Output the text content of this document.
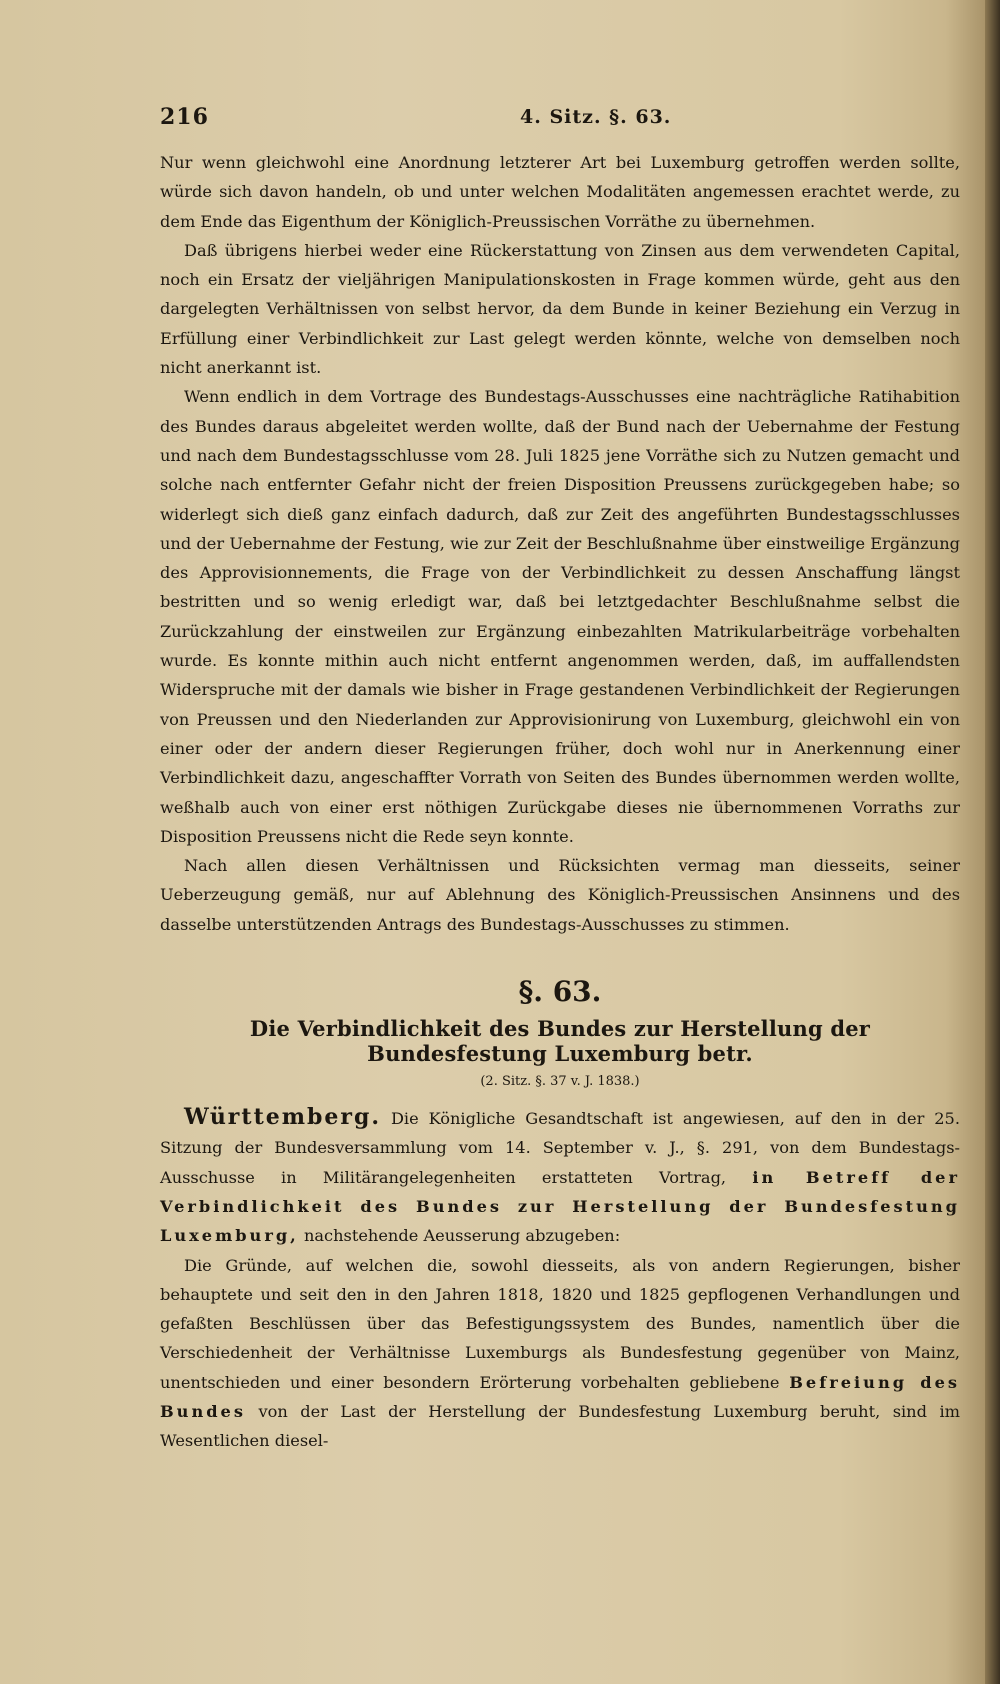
216	4. Sitz. §. 63.

Nur wenn gleichwohl eine Anordnung letzterer Art bei Luxemburg getroffen werden sollte, würde sich davon handeln, ob und unter welchen Modalitäten angemessen erachtet werde, zu dem Ende das Eigenthum der Königlich-Preussischen Vorräthe zu übernehmen.

Daß übrigens hierbei weder eine Rückerstattung von Zinsen aus dem verwendeten Capital, noch ein Ersatz der vieljährigen Manipulationskosten in Frage kommen würde, geht aus den dargelegten Verhältnissen von selbst hervor, da dem Bunde in keiner Beziehung ein Verzug in Erfüllung einer Verbindlichkeit zur Last gelegt werden könnte, welche von demselben noch nicht anerkannt ist.

Wenn endlich in dem Vortrage des Bundestags-Ausschusses eine nachträgliche Ratihabition des Bundes daraus abgeleitet werden wollte, daß der Bund nach der Uebernahme der Festung und nach dem Bundestagsschlusse vom 28. Juli 1825 jene Vorräthe sich zu Nutzen gemacht und solche nach entfernter Gefahr nicht der freien Disposition Preussens zurückgegeben habe; so widerlegt sich dieß ganz einfach dadurch, daß zur Zeit des angeführten Bundestagsschlusses und der Uebernahme der Festung, wie zur Zeit der Beschlußnahme über einstweilige Ergänzung des Approvisionnements, die Frage von der Verbindlichkeit zu dessen Anschaffung längst bestritten und so wenig erledigt war, daß bei letztgedachter Beschlußnahme selbst die Zurückzahlung der einstweilen zur Ergänzung einbezahlten Matrikularbeiträge vorbehalten wurde. Es konnte mithin auch nicht entfernt angenommen werden, daß, im auffallendsten Widerspruche mit der damals wie bisher in Frage gestandenen Verbindlichkeit der Regierungen von Preussen und den Niederlanden zur Approvisionirung von Luxemburg, gleichwohl ein von einer oder der andern dieser Regierungen früher, doch wohl nur in Anerkennung einer Verbindlichkeit dazu, angeschaffter Vorrath von Seiten des Bundes übernommen werden wollte, weßhalb auch von einer erst nöthigen Zurückgabe dieses nie übernommenen Vorraths zur Disposition Preussens nicht die Rede seyn konnte.

Nach allen diesen Verhältnissen und Rücksichten vermag man diesseits, seiner Ueberzeugung gemäß, nur auf Ablehnung des Königlich-Preussischen Ansinnens und des dasselbe unterstützenden Antrags des Bundestags-Ausschusses zu stimmen.

§. 63.
Die Verbindlichkeit des Bundes zur Herstellung der Bundesfestung Luxemburg betr.
(2. Sitz. §. 37 v. J. 1838.)

Württemberg. Die Königliche Gesandtschaft ist angewiesen, auf den in der 25. Sitzung der Bundesversammlung vom 14. September v. J., §. 291, von dem Bundestags-Ausschusse in Militärangelegenheiten erstatteten Vortrag, in Betreff der Verbindlichkeit des Bundes zur Herstellung der Bundesfestung Luxemburg, nachstehende Aeusserung abzugeben:

Die Gründe, auf welchen die, sowohl diesseits, als von andern Regierungen, bisher behauptete und seit den in den Jahren 1818, 1820 und 1825 gepflogenen Verhandlungen und gefaßten Beschlüssen über das Befestigungssystem des Bundes, namentlich über die Verschiedenheit der Verhältnisse Luxemburgs als Bundesfestung gegenüber von Mainz, unentschieden und einer besondern Erörterung vorbehalten gebliebene Befreiung des Bundes von der Last der Herstellung der Bundesfestung Luxemburg beruht, sind im Wesentlichen diesel-
